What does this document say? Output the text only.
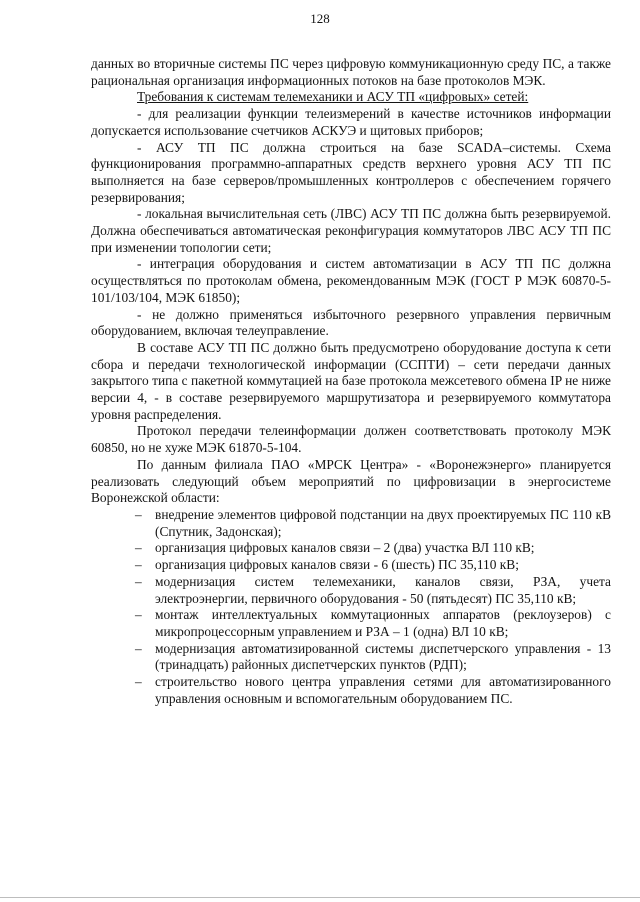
128

данных во вторичные системы ПС через цифровую коммуникационную среду ПС, а также рациональная организация информационных потоков на базе протоколов МЭК.

Требования к системам телемеханики и АСУ ТП «цифровых» сетей:

- для реализации функции телеизмерений в качестве источников информации допускается использование счетчиков АСКУЭ и щитовых приборов;

- АСУ ТП ПС должна строиться на базе SCADA–системы. Схема функционирования программно-аппаратных средств верхнего уровня АСУ ТП ПС выполняется на базе серверов/промышленных контроллеров с обеспечением горячего резервирования;

- локальная вычислительная сеть (ЛВС) АСУ ТП ПС должна быть резервируемой. Должна обеспечиваться автоматическая реконфигурация коммутаторов ЛВС АСУ ТП ПС при изменении топологии сети;

- интеграция оборудования и систем автоматизации в АСУ ТП ПС должна осуществляться по протоколам обмена, рекомендованным МЭК (ГОСТ Р МЭК 60870-5-101/103/104, МЭК 61850);

- не должно применяться избыточного резервного управления первичным оборудованием, включая телеуправление.

В составе АСУ ТП ПС должно быть предусмотрено оборудование доступа к сети сбора и передачи технологической информации (ССПТИ) – сети передачи данных закрытого типа с пакетной коммутацией на базе протокола межсетевого обмена IP не ниже версии 4, - в составе резервируемого маршрутизатора и резервируемого коммутатора уровня распределения.

Протокол передачи телеинформации должен соответствовать протоколу МЭК 60850, но не хуже МЭК 61870-5-104.

По данным филиала ПАО «МРСК Центра» - «Воронежэнерго» планируется реализовать следующий объем мероприятий по цифровизации в энергосистеме Воронежской области:

– внедрение элементов цифровой подстанции на двух проектируемых ПС 110 кВ (Спутник, Задонская);
– организация цифровых каналов связи – 2 (два) участка ВЛ 110 кВ;
– организация цифровых каналов связи - 6 (шесть) ПС 35,110 кВ;
– модернизация систем телемеханики, каналов связи, РЗА, учета электроэнергии, первичного оборудования - 50 (пятьдесят) ПС 35,110 кВ;
– монтаж интеллектуальных коммутационных аппаратов (реклоузеров) с микропроцессорным управлением и РЗА – 1 (одна) ВЛ 10 кВ;
– модернизация автоматизированной системы диспетчерского управления - 13 (тринадцать) районных диспетчерских пунктов (РДП);
– строительство нового центра управления сетями для автоматизированного управления основным и вспомогательным оборудованием ПС.
